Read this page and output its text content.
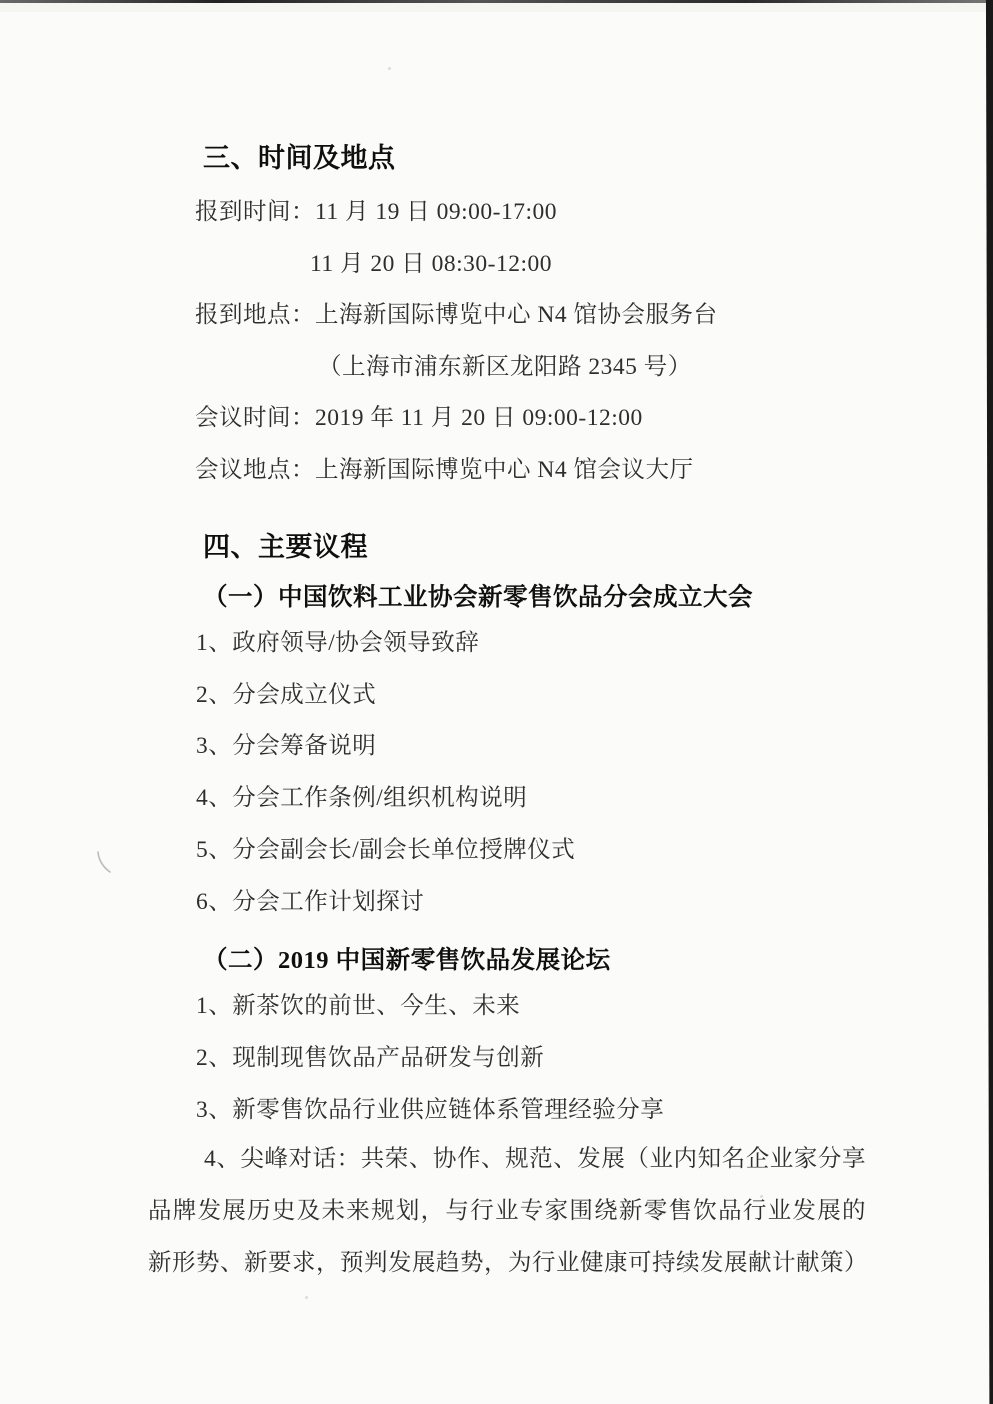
三、时间及地点
报到时间：11 月 19 日 09:00-17:00
11 月 20 日 08:30-12:00
报到地点：上海新国际博览中心 N4 馆协会服务台
（上海市浦东新区龙阳路 2345 号）
会议时间：2019 年 11 月 20 日 09:00-12:00
会议地点：上海新国际博览中心 N4 馆会议大厅
四、主要议程
（一）中国饮料工业协会新零售饮品分会成立大会
1、政府领导/协会领导致辞
2、分会成立仪式
3、分会筹备说明
4、分会工作条例/组织机构说明
5、分会副会长/副会长单位授牌仪式
6、分会工作计划探讨
（二）2019 中国新零售饮品发展论坛
1、新茶饮的前世、今生、未来
2、现制现售饮品产品研发与创新
3、新零售饮品行业供应链体系管理经验分享
4、尖峰对话：共荣、协作、规范、发展（业内知名企业家分享品牌发展历史及未来规划，与行业专家围绕新零售饮品行业发展的新形势、新要求，预判发展趋势，为行业健康可持续发展献计献策）
